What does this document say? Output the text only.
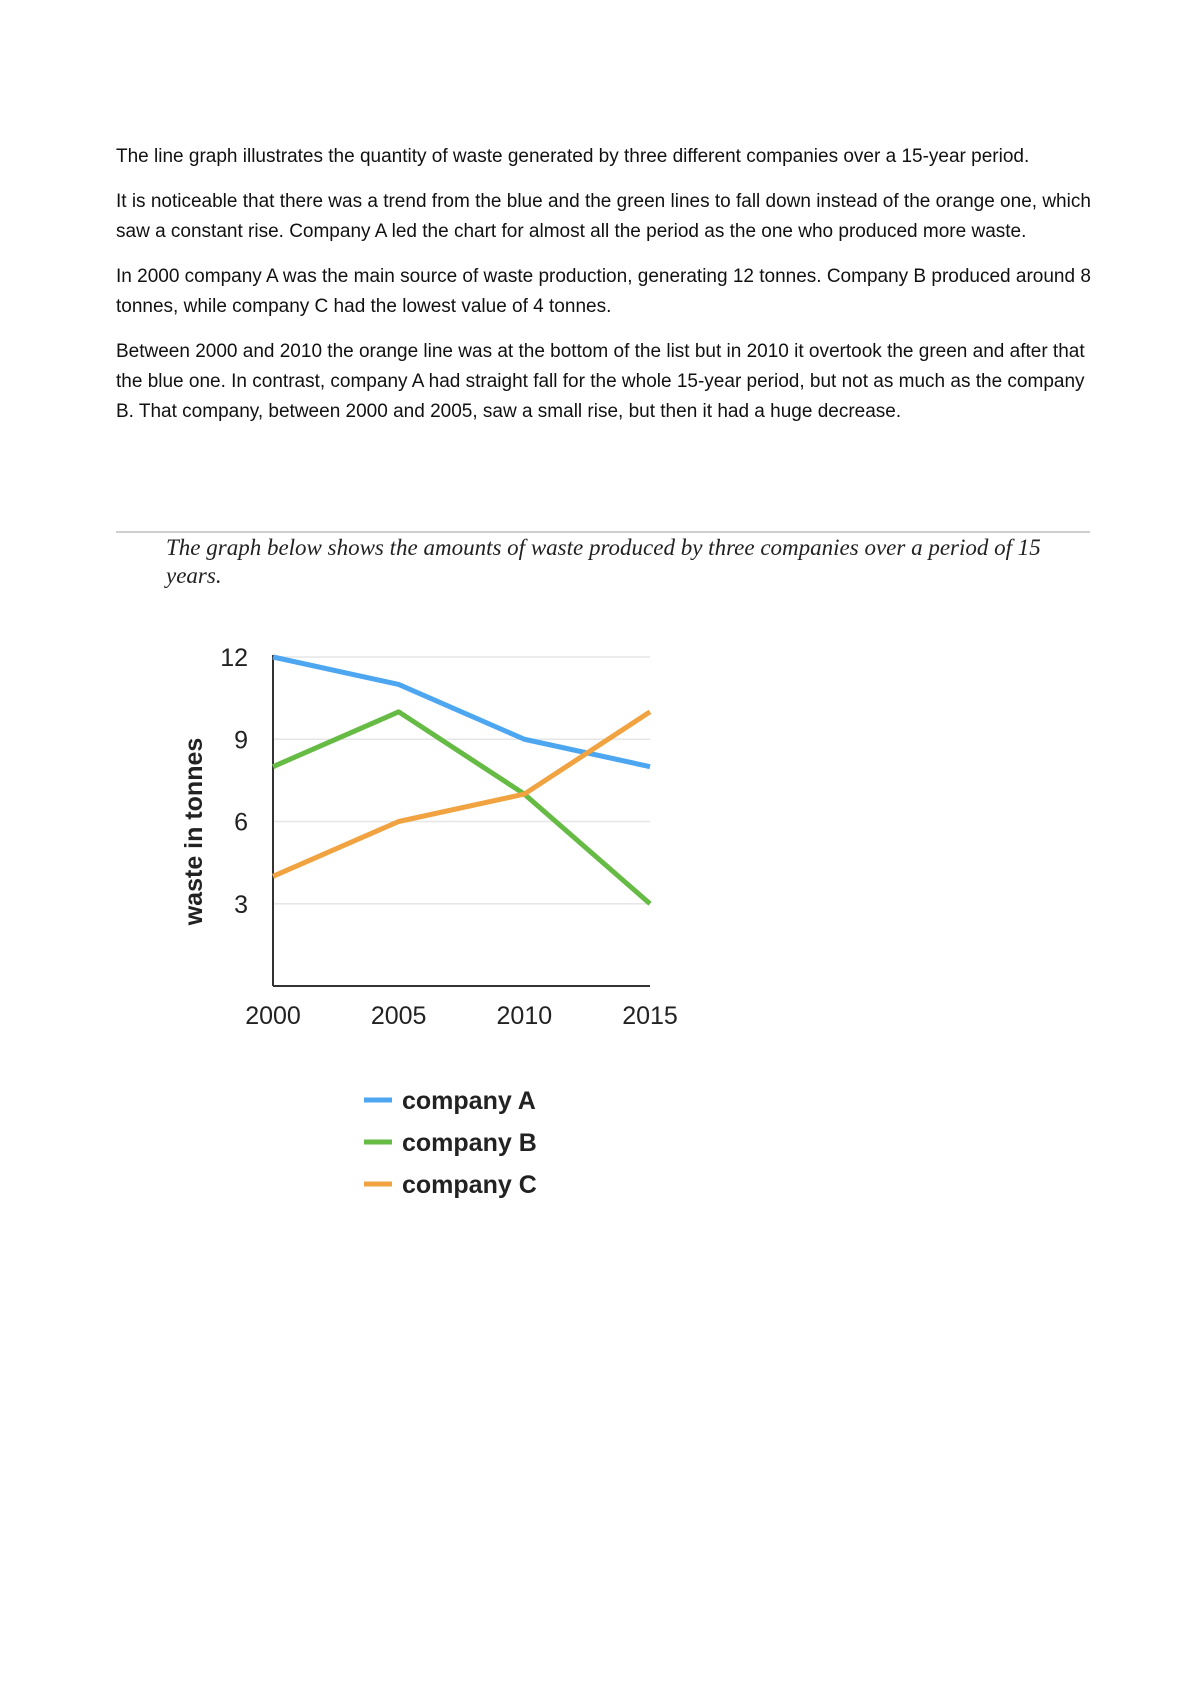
The line graph illustrates the quantity of waste generated by three different companies over a 15-year period.

It is noticeable that there was a trend from the blue and the green lines to fall down instead of the orange one, which saw a constant rise. Company A led the chart for almost all the period as the one who produced more waste.

In 2000 company A was the main source of waste production, generating 12 tonnes. Company B produced around 8 tonnes, while company C had the lowest value of 4 tonnes.

Between 2000 and 2010 the orange line was at the bottom of the list but in 2010 it overtook the green and after that the blue one. In contrast, company A had straight fall for the whole 15-year period, but not as much as the company B. That company, between 2000 and 2005, saw a small rise, but then it had a huge decrease.

The graph below shows the amounts of waste produced by three companies over a period of 15 years.
3
6
9
12
2000	2005	2010	2015
waste in tonnes
company A
company B
company C
